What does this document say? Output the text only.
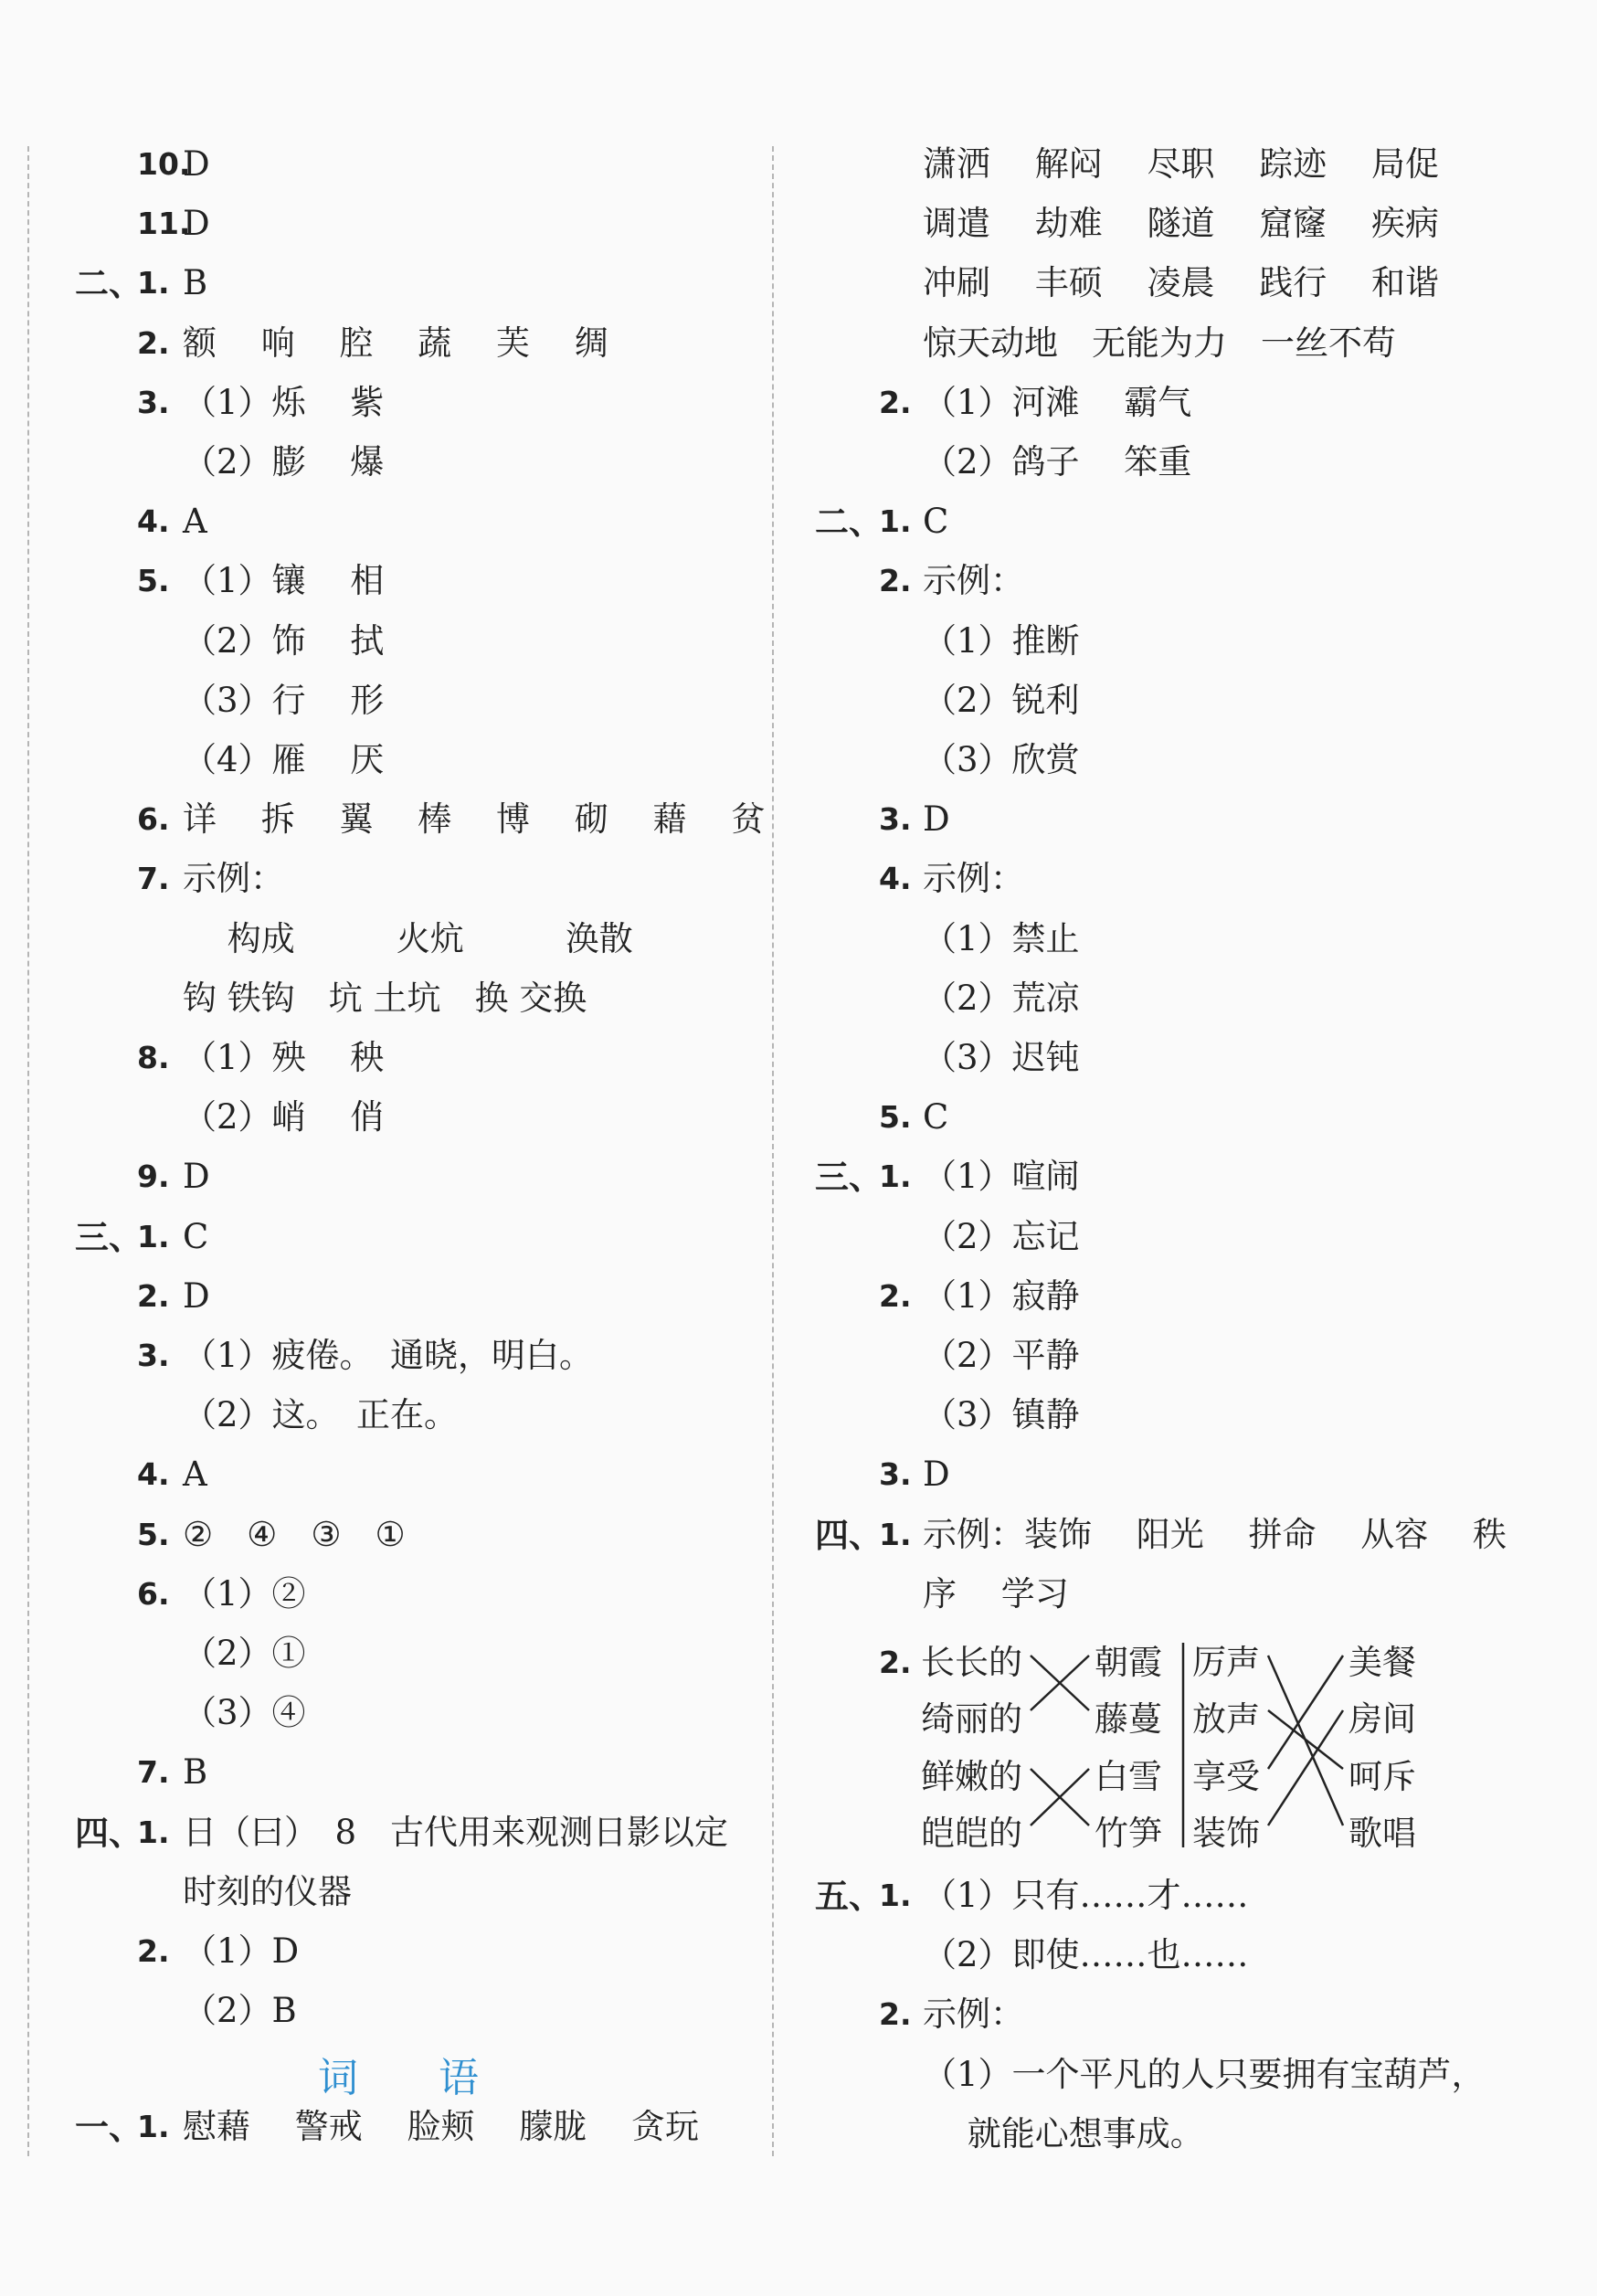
10.
D
11.
D
二、
1. B
2. 额　 响　 腔　 蔬　 芙　 绸
3. （1）烁　 紫
（2）膨　 爆
4. A
5. （1）镶　 相
（2）饰　 拭
（3）行　 形
（4）雁　 厌
6. 详　 拆　 翼　 棒　 博　 砌　 藉　 贫
7. 示例：
　 构成　　　火炕　　　涣散
钩 铁钩　坑 土坑　换 交换
8. （1）殃　 秧
（2）峭　 俏
9. D
三、
1. C
2. D
3. （1）疲倦。　通晓，明白。
（2）这。　正在。
4. A
5. ②　④　③　①
6. （1）②
（2）①
（3）④
7. B
四、
1. 日（曰）　8　古代用来观测日影以定
时刻的仪器
2. （1）D
（2）B
词　　语
一、
1. 慰藉　 警戒　 脸颊　 朦胧　 贪玩
潇洒　 解闷　 尽职　 踪迹　 局促
调遣　 劫难　 隧道　 窟窿　 疾病
冲刷　 丰硕　 凌晨　 践行　 和谐
惊天动地　无能为力　一丝不苟
2. （1）河滩　 霸气
（2）鸽子　 笨重
二、
1. C
2. 示例：
（1）推断
（2）锐利
（3）欣赏
3. D
4. 示例：
（1）禁止
（2）荒凉
（3）迟钝
5. C
三、
1. （1）喧闹
（2）忘记
2. （1）寂静
（2）平静
（3）镇静
3. D
四、
1. 示例：装饰　 阳光　 拼命　 从容　 秩
序　 学习
2. 长长的
绮丽的
鲜嫩的
皑皑的
朝霞
藤蔓
白雪
竹笋
厉声
放声
享受
装饰
美餐
房间
呵斥
歌唱
五、
1. （1）只有……才……
（2）即使……也……
2. 示例：
（1）一个平凡的人只要拥有宝葫芦，
　 就能心想事成。
